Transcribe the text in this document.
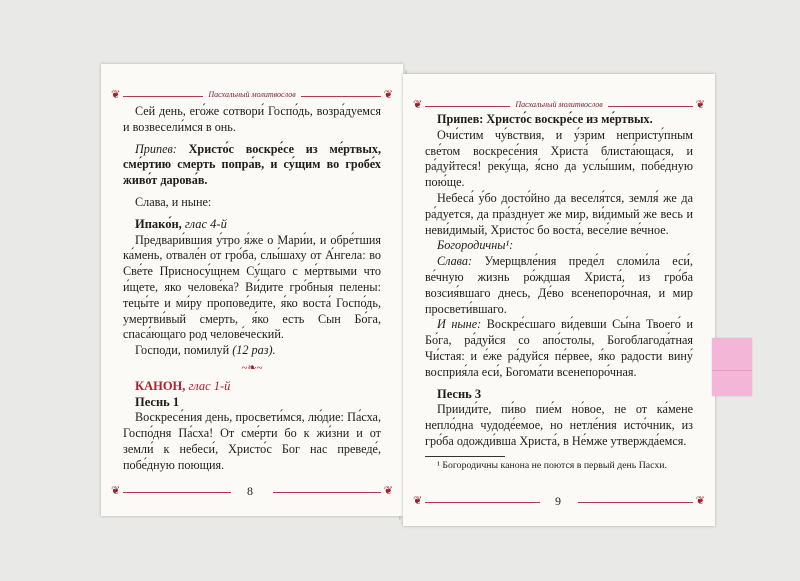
❦	❦
Пасхальный молитвослов

Сей день, его́же сотвори́ Госпо́дь, возра́дуемся и возвесели́мся в онь.

Припев: Христо́с воскре́се из ме́ртвых, сме́ртию смерть попра́в, и су́щим во гробе́х живо́т дарова́в.

Слава, и ныне:

Ипако́н, глас 4-й

Предвари́вшия у́тро я́же о Мари́и, и обре́тшия ка́мень, отвале́н от гро́ба, слы́шаху от А́нгела: во Све́те Присносу́щнем Су́щаго с ме́ртвыми что и́щете, яко челове́ка? Ви́дите гро́бныя пелены: тецы́те и ми́ру пропове́дите, я́ко воста́ Госпо́дь, умертви́вый смерть, я́ко есть Сын Бо́га, спаса́ющаго род челове́ческий.

Господи, помилуй (12 раз).

~❧~

КАНОН, глас 1-й

Песнь 1

Воскресе́ния день, просвети́мся, лю́дие: Па́сха, Госпо́дня Па́сха! От сме́рти бо к жи́зни и от земли́ к небеси́, Христо́с Бог нас преведе́, побе́дную поющия.

❦	❦
8
❦	❦
Пасхальный молитвослов

Припев: Христо́с воскре́се из ме́ртвых.

Очи́стим чу́вствия, и у́зрим непристу́пным све́том воскресе́ния Христа́ блиста́ющася, и ра́дуйтеся! реку́ща, я́сно да услы́шим, побе́дную пою́ще.

Небеса́ у́бо досто́йно да веселя́тся, земля́ же да ра́дуется, да пра́зднует же мир, ви́димый же весь и неви́димый, Христо́с бо воста́, весе́лие ве́чное.

Богородичны¹:

Слава: Умерщвле́ния преде́л сломи́ла еси́, ве́чную жизнь ро́ждшая Христа́, из гро́ба возсия́вшаго днесь, Де́во всенепоро́чная, и мир просвети́вшаго.

И ныне: Воскре́сшаго ви́девши Сы́на Твоего́ и Бо́га, ра́дуйся со апо́столы, Богоблагода́тная Чи́стая: и е́же ра́дуйся пе́рвее, я́ко радости вину́ восприя́ла еси́, Богома́ти всенепоро́чная.

Песнь 3

Прииди́те, пи́во пие́м но́вое, не от ка́мене непло́дна чудоде́емое, но нетле́ния исто́чник, из гро́ба одожди́вша Христа́, в Не́мже утвержда́емся.

¹ Богородичны канона не поются в первый день Пасхи.

❦	❦
9
